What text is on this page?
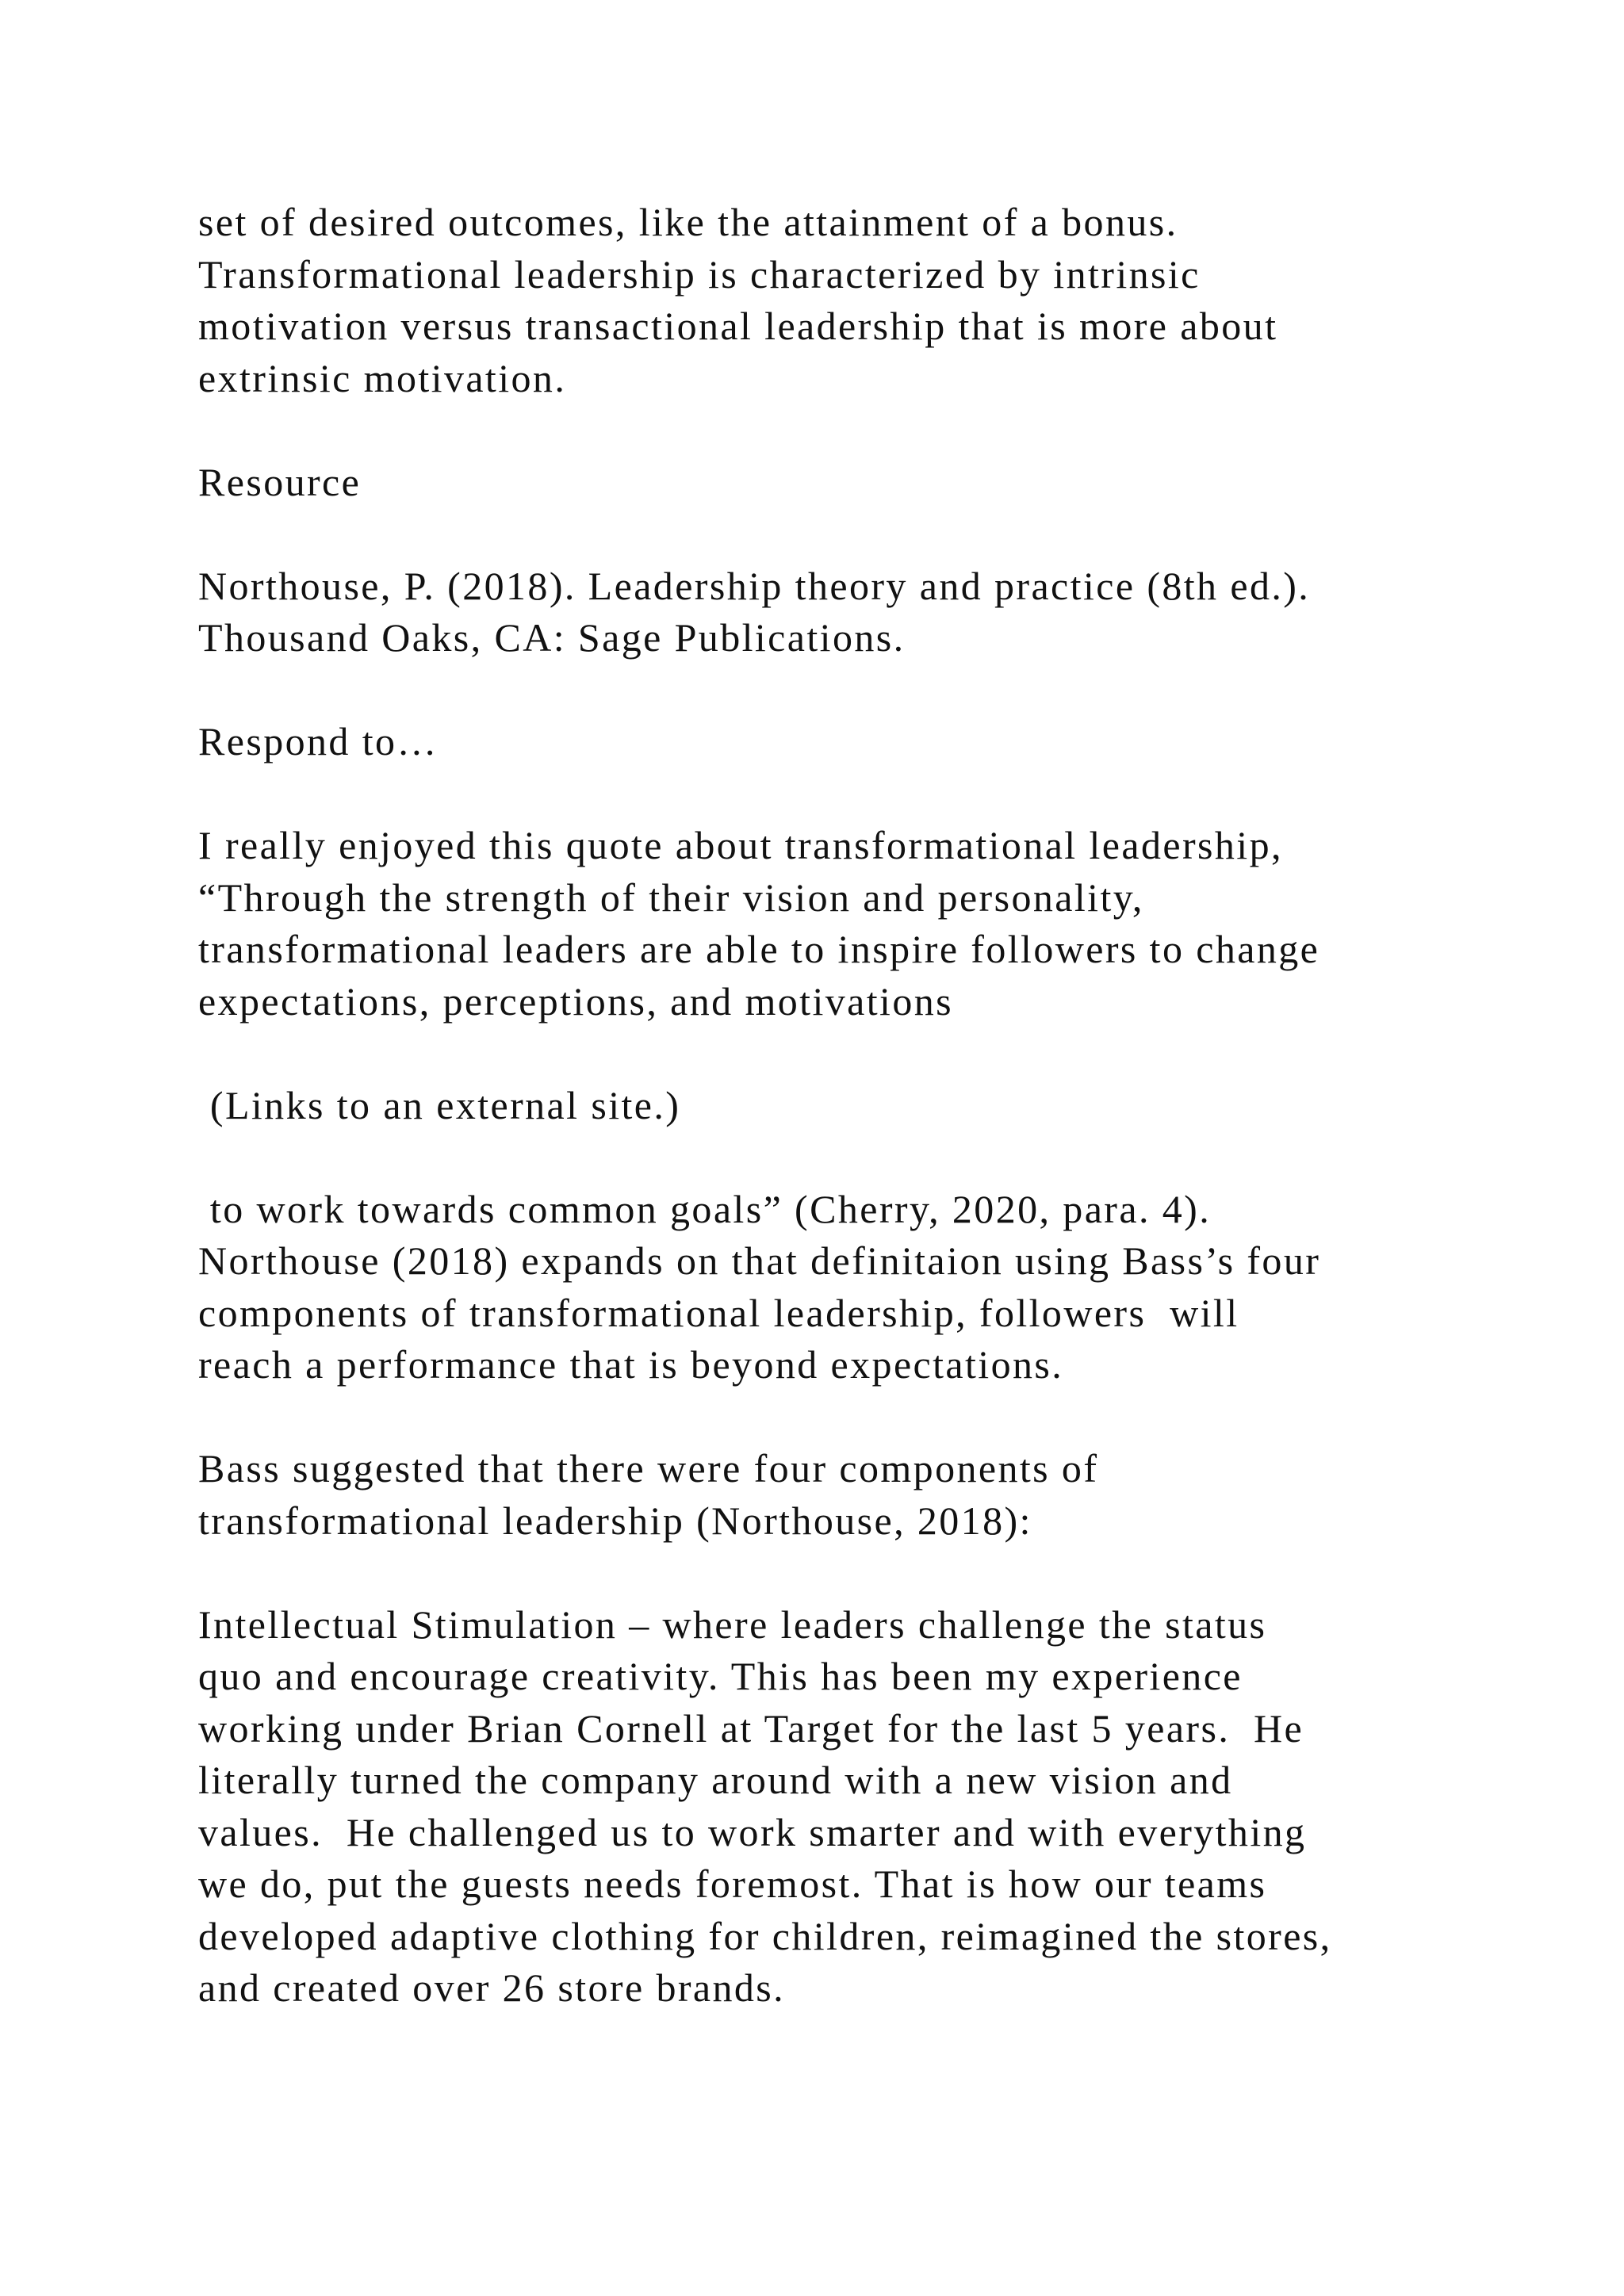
set of desired outcomes, like the attainment of a bonus.
Transformational leadership is characterized by intrinsic
motivation versus transactional leadership that is more about
extrinsic motivation.

Resource

Northouse, P. (2018). Leadership theory and practice (8th ed.).
Thousand Oaks, CA: Sage Publications.

Respond to…

I really enjoyed this quote about transformational leadership,
“Through the strength of their vision and personality,
transformational leaders are able to inspire followers to change
expectations, perceptions, and motivations

(Links to an external site.)

to work towards common goals” (Cherry, 2020, para. 4).
Northouse (2018) expands on that definitaion using Bass’s four
components of transformational leadership, followers  will
reach a performance that is beyond expectations.

Bass suggested that there were four components of
transformational leadership (Northouse, 2018):

Intellectual Stimulation – where leaders challenge the status
quo and encourage creativity. This has been my experience
working under Brian Cornell at Target for the last 5 years.  He
literally turned the company around with a new vision and
values.  He challenged us to work smarter and with everything
we do, put the guests needs foremost. That is how our teams
developed adaptive clothing for children, reimagined the stores,
and created over 26 store brands.
